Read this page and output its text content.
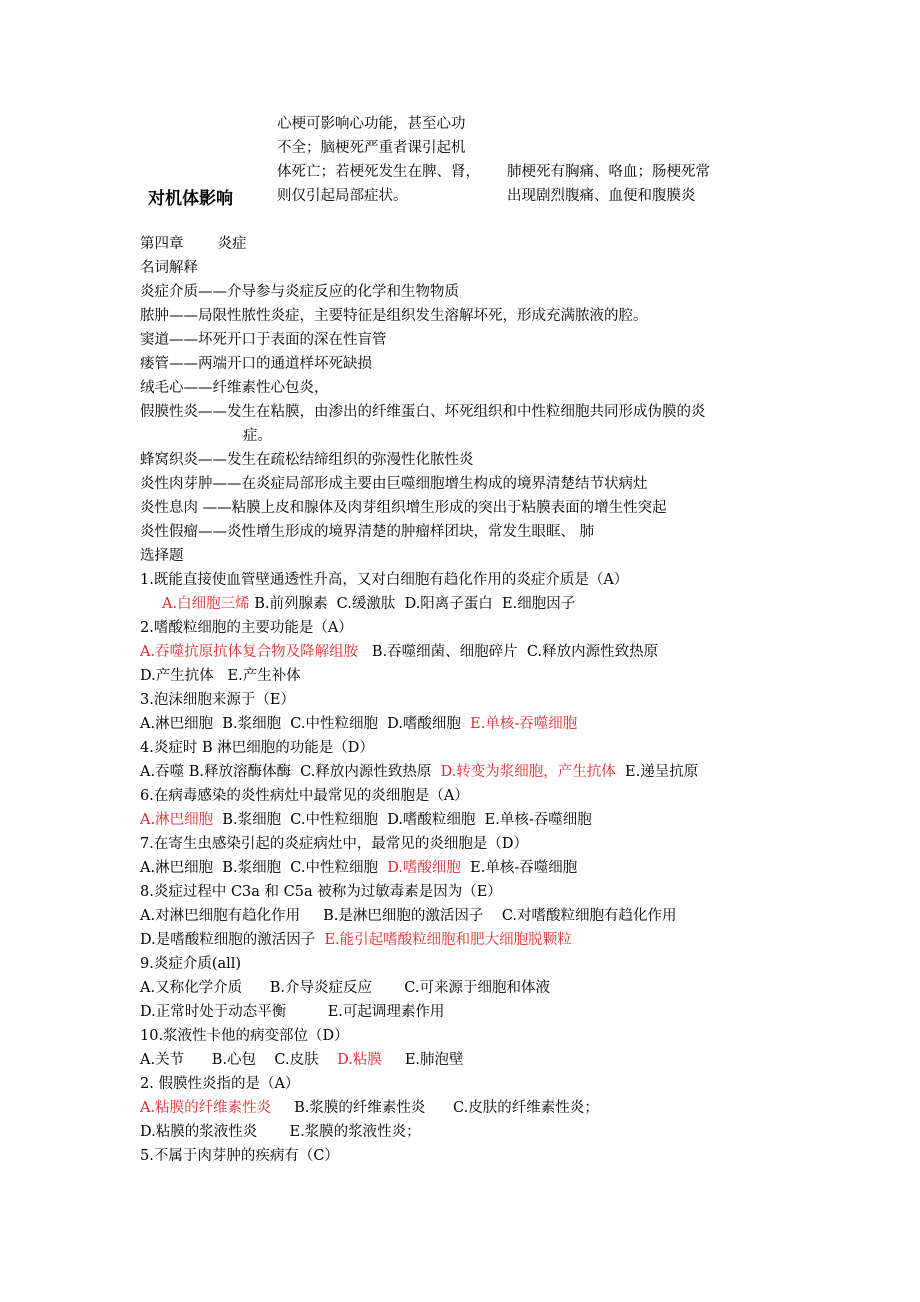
对机体影响
心梗可影响心功能，甚至心功
不全；脑梗死严重者课引起机
体死亡；若梗死发生在脾、肾，
则仅引起局部症状。
肺梗死有胸痛、咯血；肠梗死常
出现剧烈腹痛、血便和腹膜炎
第四章 炎症
名词解释
炎症介质——介导参与炎症反应的化学和生物物质
脓肿——局限性脓性炎症，主要特征是组织发生溶解坏死，形成充满脓液的腔。
窦道——坏死开口于表面的深在性盲管
瘘管——两端开口的通道样坏死缺损
绒毛心——纤维素性心包炎，
假膜性炎——发生在粘膜，由渗出的纤维蛋白、坏死组织和中性粒细胞共同形成伪膜的炎
症。
蜂窝织炎——发生在疏松结缔组织的弥漫性化脓性炎
炎性肉芽肿——在炎症局部形成主要由巨噬细胞增生构成的境界清楚结节状病灶
炎性息肉 ——粘膜上皮和腺体及肉芽组织增生形成的突出于粘膜表面的增生性突起
炎性假瘤——炎性增生形成的境界清楚的肿瘤样团块，常发生眼眶、 肺
选择题
1.既能直接使血管壁通透性升高，又对白细胞有趋化作用的炎症介质是（A）
A.白细胞三烯 B.前列腺素  C.缓激肽  D.阳离子蛋白  E.细胞因子
2.嗜酸粒细胞的主要功能是（A）
A.吞噬抗原抗体复合物及降解组胺   B.吞噬细菌、细胞碎片  C.释放内源性致热原
D.产生抗体   E.产生补体
3.泡沫细胞来源于（E）
A.淋巴细胞  B.浆细胞  C.中性粒细胞  D.嗜酸细胞  E.单核-吞噬细胞
4.炎症时 B 淋巴细胞的功能是（D）
A.吞噬 B.释放溶酶体酶  C.释放内源性致热原  D.转变为浆细胞，产生抗体  E.递呈抗原
6.在病毒感染的炎性病灶中最常见的炎细胞是（A）
A.淋巴细胞  B.浆细胞  C.中性粒细胞  D.嗜酸粒细胞  E.单核-吞噬细胞
7.在寄生虫感染引起的炎症病灶中，最常见的炎细胞是（D）
A.淋巴细胞  B.浆细胞  C.中性粒细胞  D.嗜酸细胞  E.单核-吞噬细胞
8.炎症过程中 C3a 和 C5a 被称为过敏毒素是因为（E）
A.对淋巴细胞有趋化作用     B.是淋巴细胞的激活因子    C.对嗜酸粒细胞有趋化作用
D.是嗜酸粒细胞的激活因子  E.能引起嗜酸粒细胞和肥大细胞脱颗粒
9.炎症介质(all)
A.又称化学介质      B.介导炎症反应       C.可来源于细胞和体液
D.正常时处于动态平衡         E.可起调理素作用
10.浆液性卡他的病变部位（D）
A.关节      B.心包    C.皮肤    D.粘膜     E.肺泡壁
2. 假膜性炎指的是（A）
A.粘膜的纤维素性炎     B.浆膜的纤维素性炎      C.皮肤的纤维素性炎；
D.粘膜的浆液性炎       E.浆膜的浆液性炎；
5.不属于肉芽肿的疾病有（C）
